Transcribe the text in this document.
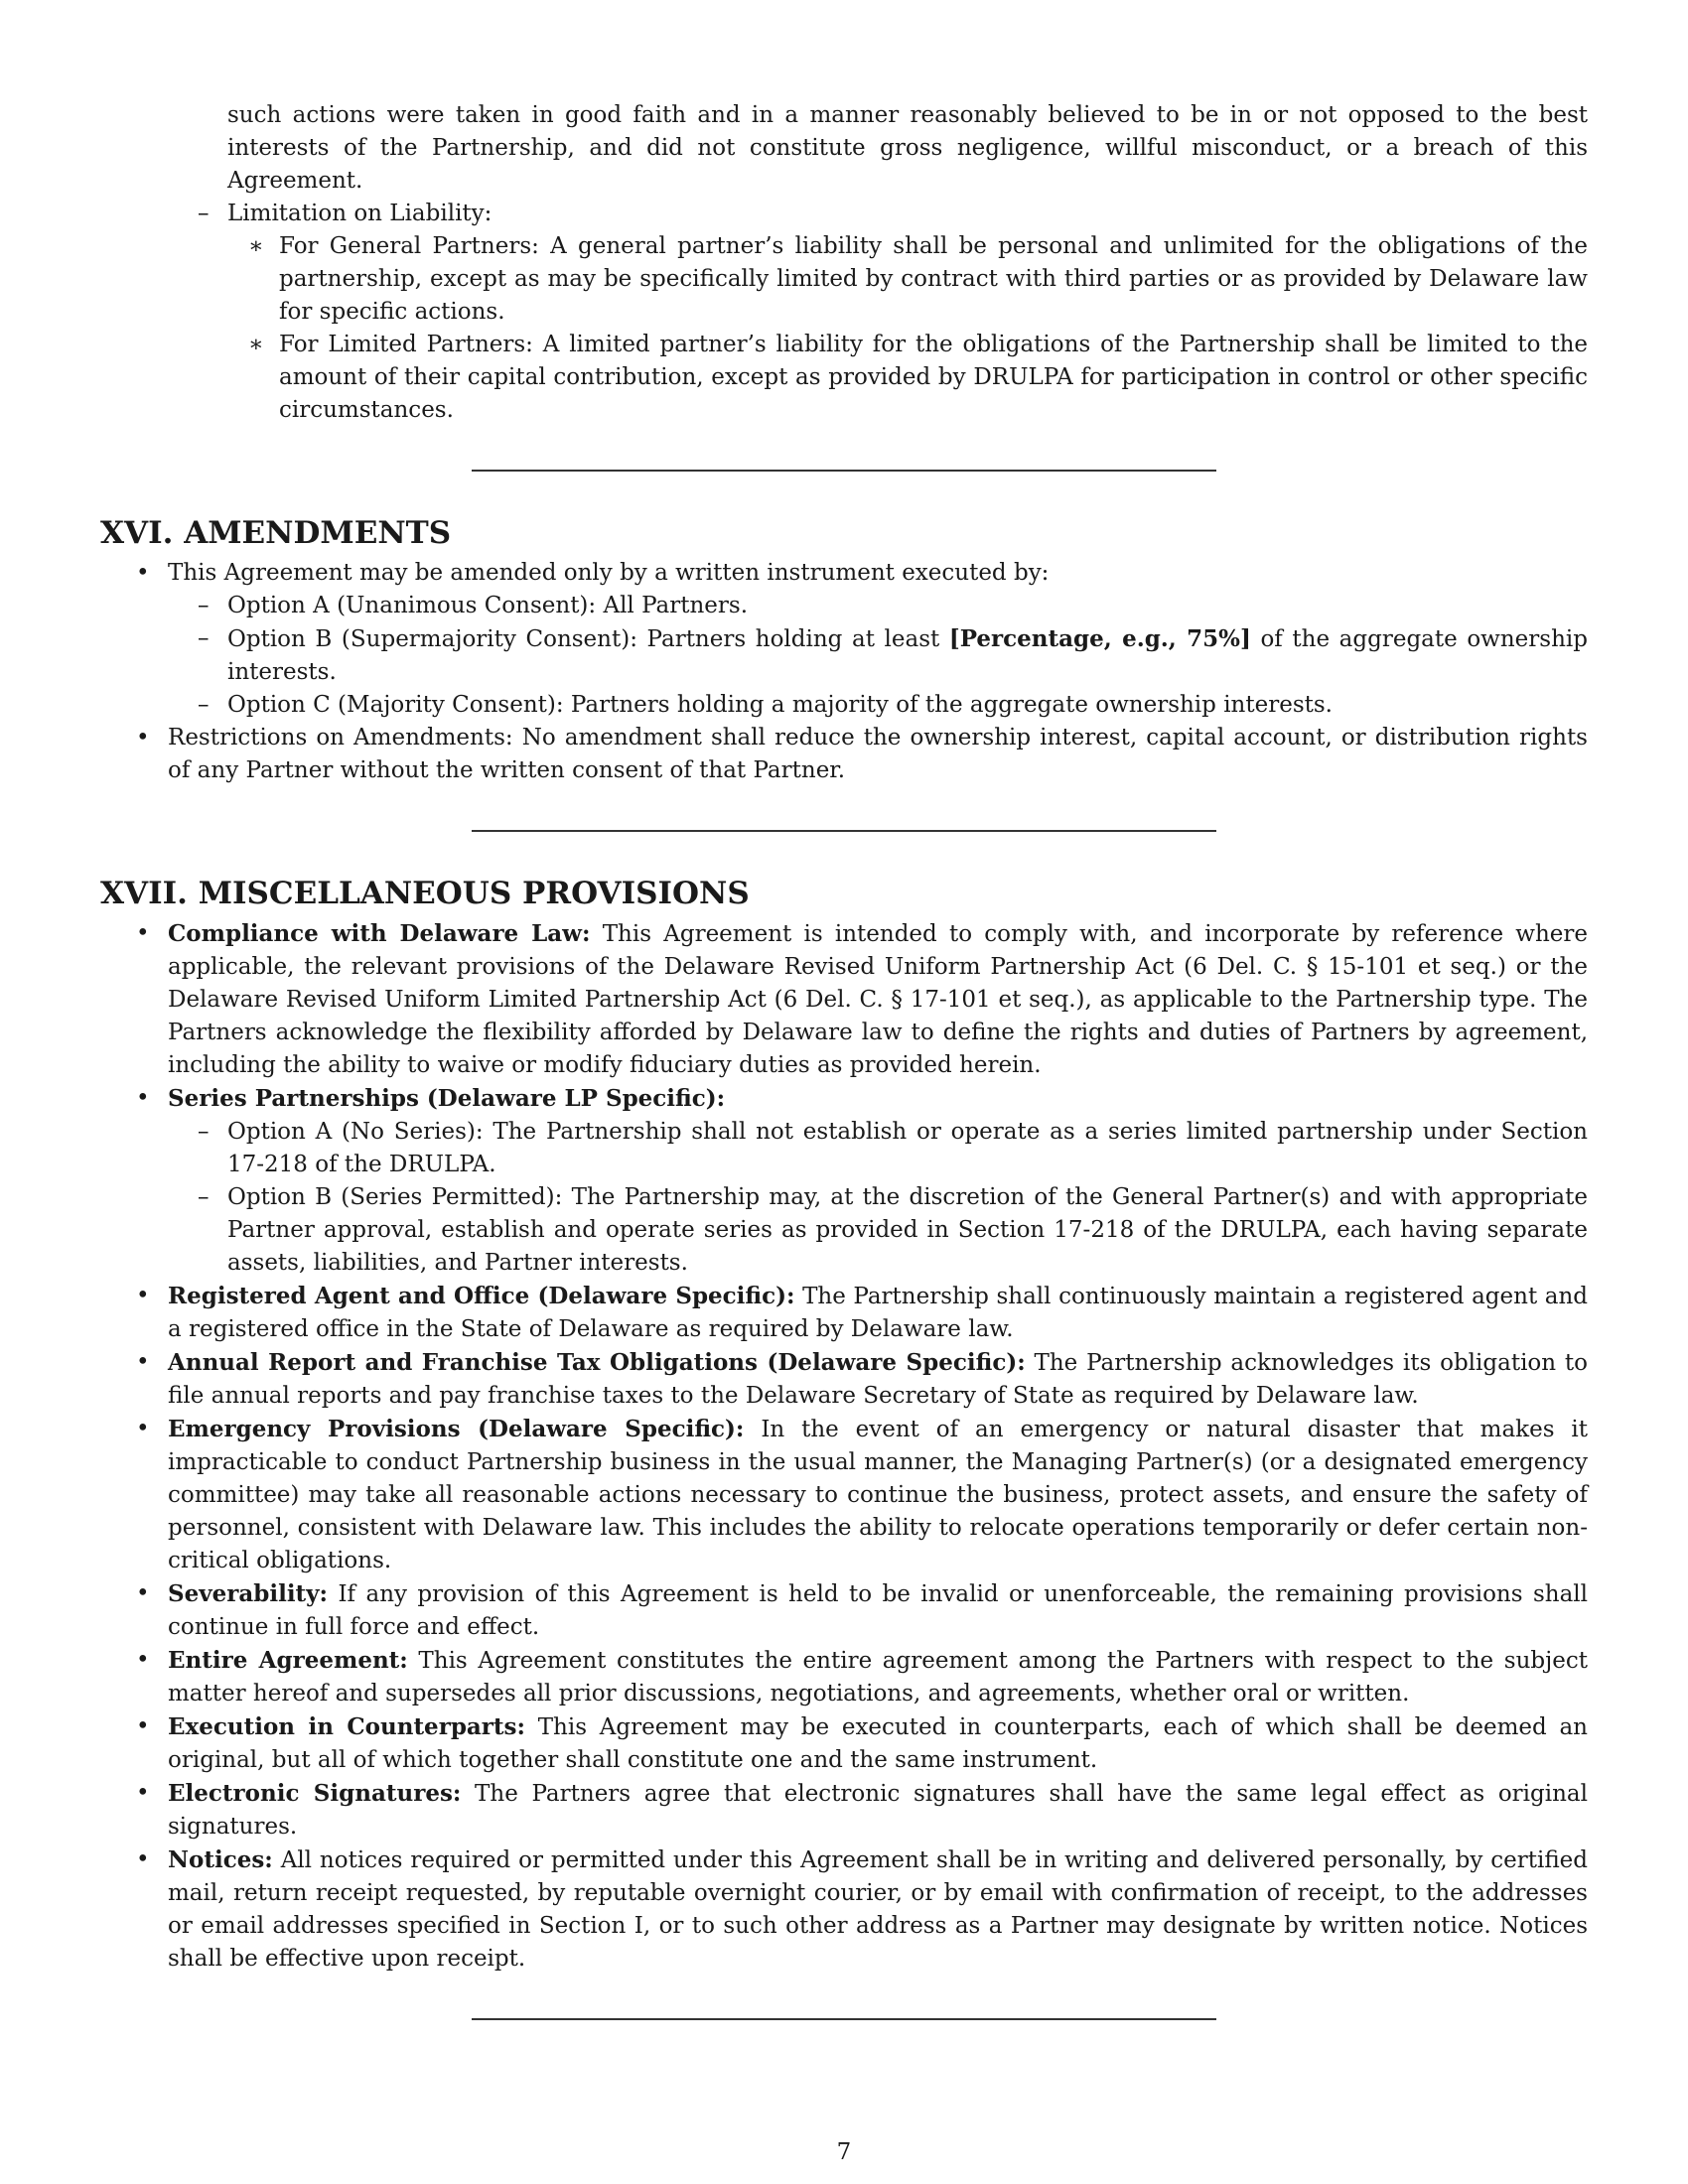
such actions were taken in good faith and in a manner reasonably believed to be in or not opposed to the best interests of the Partnership, and did not constitute gross negligence, willful misconduct, or a breach of this Agreement.

– Limitation on Liability:

∗ For General Partners: A general partner’s liability shall be personal and unlimited for the obligations of the partnership, except as may be specifically limited by contract with third parties or as provided by Delaware law for specific actions.

∗ For Limited Partners: A limited partner’s liability for the obligations of the Partnership shall be limited to the amount of their capital contribution, except as provided by DRULPA for participation in control or other specific circumstances.

XVI. AMENDMENTS

• This Agreement may be amended only by a written instrument executed by:

– Option A (Unanimous Consent): All Partners.

– Option B (Supermajority Consent): Partners holding at least [Percentage, e.g., 75%] of the aggregate ownership interests.

– Option C (Majority Consent): Partners holding a majority of the aggregate ownership interests.

• Restrictions on Amendments: No amendment shall reduce the ownership interest, capital account, or distribution rights of any Partner without the written consent of that Partner.

XVII. MISCELLANEOUS PROVISIONS

• Compliance with Delaware Law: This Agreement is intended to comply with, and incorporate by reference where applicable, the relevant provisions of the Delaware Revised Uniform Partnership Act (6 Del. C. § 15-101 et seq.) or the Delaware Revised Uniform Limited Partnership Act (6 Del. C. § 17-101 et seq.), as applicable to the Partnership type. The Partners acknowledge the flexibility afforded by Delaware law to define the rights and duties of Partners by agreement, including the ability to waive or modify fiduciary duties as provided herein.

• Series Partnerships (Delaware LP Specific):

– Option A (No Series): The Partnership shall not establish or operate as a series limited partnership under Section 17-218 of the DRULPA.

– Option B (Series Permitted): The Partnership may, at the discretion of the General Partner(s) and with appropriate Partner approval, establish and operate series as provided in Section 17-218 of the DRULPA, each having separate assets, liabilities, and Partner interests.

• Registered Agent and Office (Delaware Specific): The Partnership shall continuously maintain a registered agent and a registered office in the State of Delaware as required by Delaware law.

• Annual Report and Franchise Tax Obligations (Delaware Specific): The Partnership acknowledges its obligation to file annual reports and pay franchise taxes to the Delaware Secretary of State as required by Delaware law.

• Emergency Provisions (Delaware Specific): In the event of an emergency or natural disaster that makes it impracticable to conduct Partnership business in the usual manner, the Managing Partner(s) (or a designated emergency committee) may take all reasonable actions necessary to continue the business, protect assets, and ensure the safety of personnel, consistent with Delaware law. This includes the ability to relocate operations temporarily or defer certain non-critical obligations.

• Severability: If any provision of this Agreement is held to be invalid or unenforceable, the remaining provisions shall continue in full force and effect.

• Entire Agreement: This Agreement constitutes the entire agreement among the Partners with respect to the subject matter hereof and supersedes all prior discussions, negotiations, and agreements, whether oral or written.

• Execution in Counterparts: This Agreement may be executed in counterparts, each of which shall be deemed an original, but all of which together shall constitute one and the same instrument.

• Electronic Signatures: The Partners agree that electronic signatures shall have the same legal effect as original signatures.

• Notices: All notices required or permitted under this Agreement shall be in writing and delivered personally, by certified mail, return receipt requested, by reputable overnight courier, or by email with confirmation of receipt, to the addresses or email addresses specified in Section I, or to such other address as a Partner may designate by written notice. Notices shall be effective upon receipt.

7
